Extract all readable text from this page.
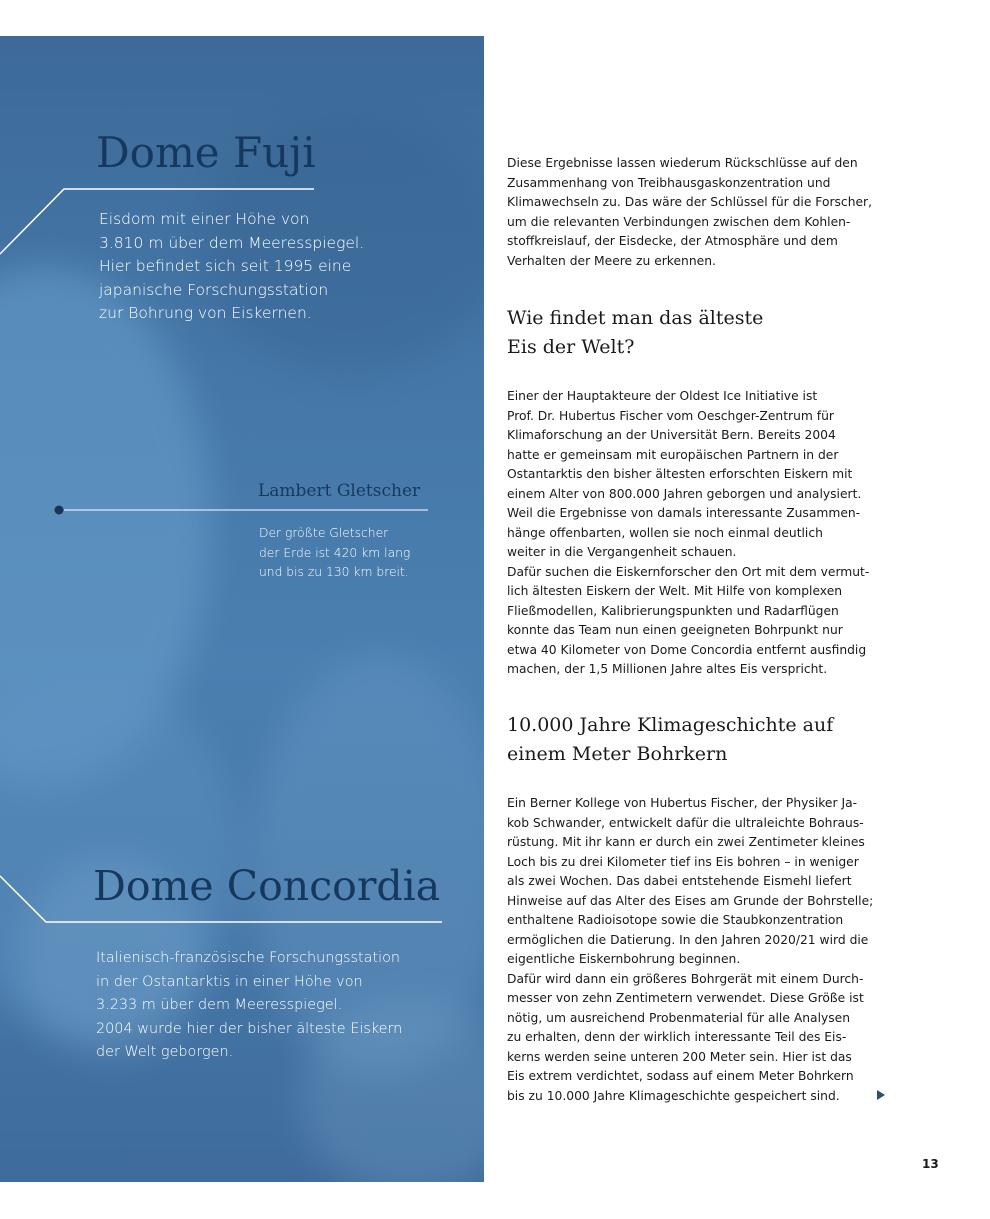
Dome Fuji

Eisdom mit einer Höhe von
3.810 m über dem Meeresspiegel.
Hier befindet sich seit 1995 eine
japanische Forschungsstation
zur Bohrung von Eiskernen.

Lambert Gletscher

Der größte Gletscher
der Erde ist 420 km lang
und bis zu 130 km breit.

Dome Concordia

Italienisch-französische Forschungsstation
in der Ostantarktis in einer Höhe von
3.233 m über dem Meeresspiegel.
2004 wurde hier der bisher älteste Eiskern
der Welt geborgen.

Diese Ergebnisse lassen wiederum Rückschlüsse auf den
Zusammenhang von Treibhausgaskonzentration und
Klimawechseln zu. Das wäre der Schlüssel für die Forscher,
um die relevanten Verbindungen zwischen dem Kohlen-
stoffkreislauf, der Eisdecke, der Atmosphäre und dem
Verhalten der Meere zu erkennen.

Wie findet man das älteste
Eis der Welt?

Einer der Hauptakteure der Oldest Ice Initiative ist
Prof. Dr. Hubertus Fischer vom Oeschger-Zentrum für
Klimaforschung an der Universität Bern. Bereits 2004
hatte er gemeinsam mit europäischen Partnern in der
Ostantarktis den bisher ältesten erforschten Eiskern mit
einem Alter von 800.000 Jahren geborgen und analysiert.
Weil die Ergebnisse von damals interessante Zusammen-
hänge offenbarten, wollen sie noch einmal deutlich
weiter in die Vergangenheit schauen.
Dafür suchen die Eiskernforscher den Ort mit dem vermut-
lich ältesten Eiskern der Welt. Mit Hilfe von komplexen
Fließmodellen, Kalibrierungspunkten und Radarflügen
konnte das Team nun einen geeigneten Bohrpunkt nur
etwa 40 Kilometer von Dome Concordia entfernt ausfindig
machen, der 1,5 Millionen Jahre altes Eis verspricht.

10.000 Jahre Klimageschichte auf
einem Meter Bohrkern

Ein Berner Kollege von Hubertus Fischer, der Physiker Ja-
kob Schwander, entwickelt dafür die ultraleichte Bohraus-
rüstung. Mit ihr kann er durch ein zwei Zentimeter kleines
Loch bis zu drei Kilometer tief ins Eis bohren – in weniger
als zwei Wochen. Das dabei entstehende Eismehl liefert
Hinweise auf das Alter des Eises am Grunde der Bohrstelle;
enthaltene Radioisotope sowie die Staubkonzentration
ermöglichen die Datierung. In den Jahren 2020/21 wird die
eigentliche Eiskernbohrung beginnen.
Dafür wird dann ein größeres Bohrgerät mit einem Durch-
messer von zehn Zentimetern verwendet. Diese Größe ist
nötig, um ausreichend Probenmaterial für alle Analysen
zu erhalten, denn der wirklich interessante Teil des Eis-
kerns werden seine unteren 200 Meter sein. Hier ist das
Eis extrem verdichtet, sodass auf einem Meter Bohrkern
bis zu 10.000 Jahre Klimageschichte gespeichert sind.

13
